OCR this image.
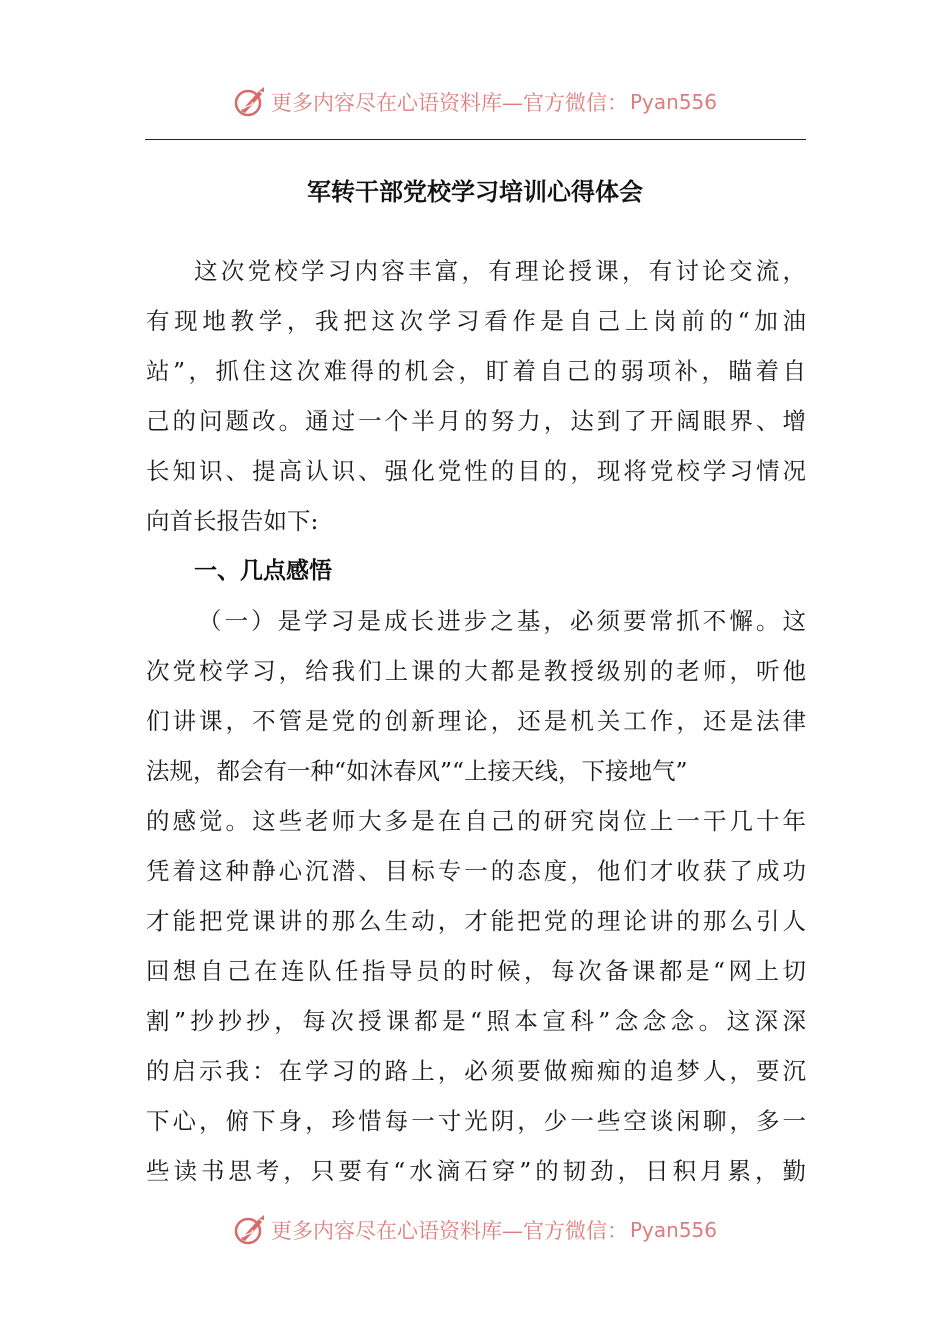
更多内容尽在心语资料库—官方微信： Pyan556
军转干部党校学习培训心得体会
这次党校学习内容丰富，有理论授课，有讨论交流，
有现地教学，我把这次学习看作是自己上岗前的“加油
站”，抓住这次难得的机会，盯着自己的弱项补，瞄着自
己的问题改。通过一个半月的努力，达到了开阔眼界、增
长知识、提高认识、强化党性的目的，现将党校学习情况
向首长报告如下:
一、几点感悟
（一）是学习是成长进步之基，必须要常抓不懈。这
次党校学习，给我们上课的大都是教授级别的老师，听他
们讲课，不管是党的创新理论，还是机关工作，还是法律
法规，都会有一种“如沐春风”“上接天线，下接地气”
的感觉。这些老师大多是在自己的研究岗位上一干几十年
凭着这种静心沉潜、目标专一的态度，他们才收获了成功
才能把党课讲的那么生动，才能把党的理论讲的那么引人
回想自己在连队任指导员的时候，每次备课都是“网上切
割”抄抄抄，每次授课都是“照本宣科”念念念。这深深
的启示我：在学习的路上，必须要做痴痴的追梦人，要沉
下心，俯下身，珍惜每一寸光阴，少一些空谈闲聊，多一
些读书思考，只要有“水滴石穿”的韧劲，日积月累，勤
更多内容尽在心语资料库—官方微信： Pyan556
